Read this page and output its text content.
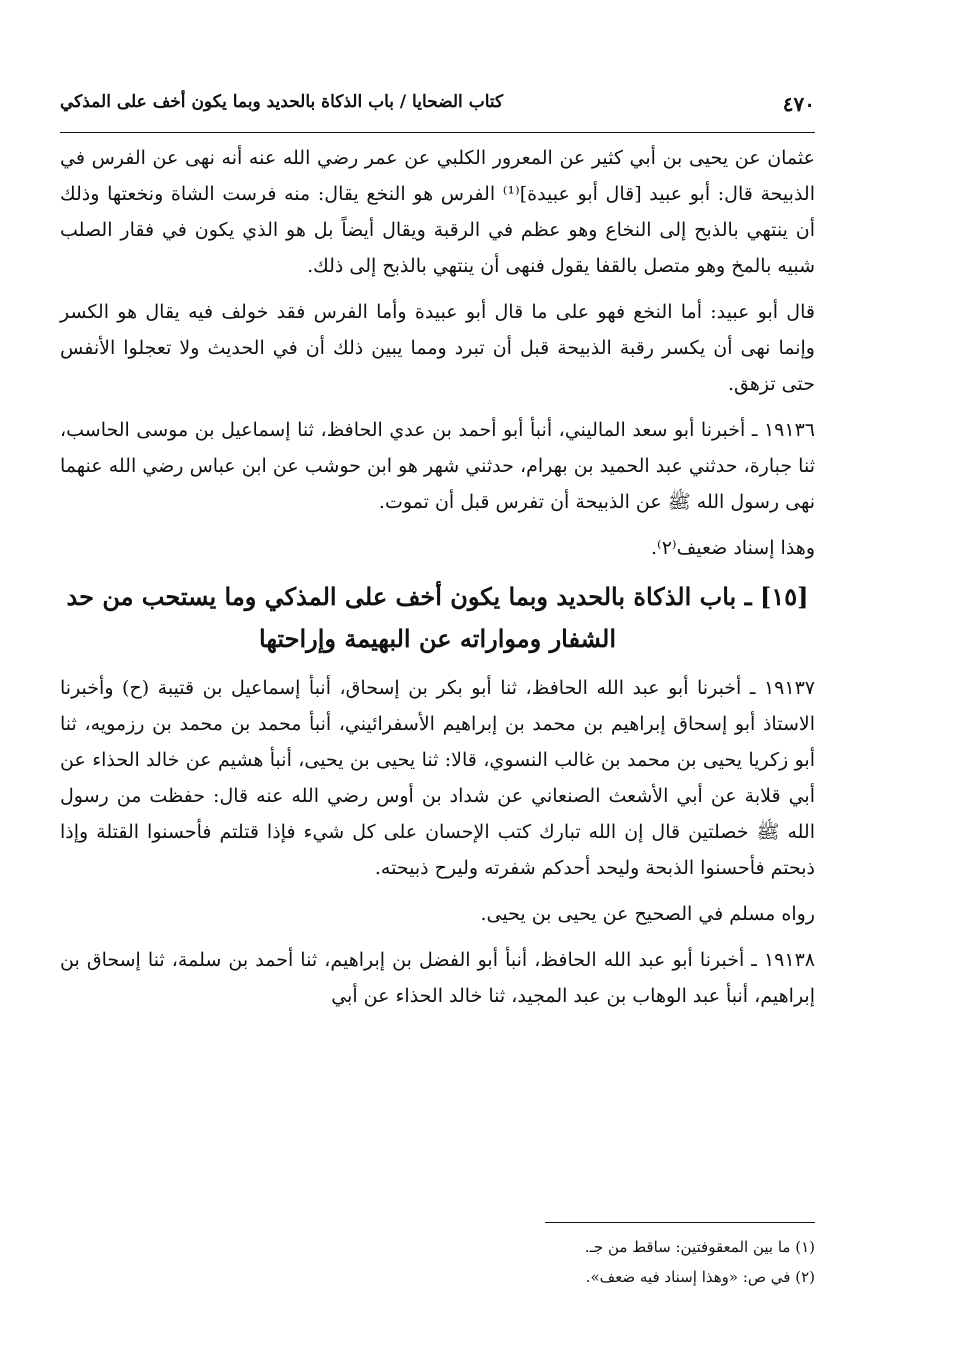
٤٧٠
كتاب الضحايا / باب الذكاة بالحديد وبما يكون أخف على المذكي

عثمان عن يحيى بن أبي كثير عن المعرور الكلبي عن عمر رضي الله عنه أنه نهى عن الفرس في الذبيحة قال: أبو عبيد [قال أبو عبيدة]⁽¹⁾ الفرس هو النخع يقال: منه فرست الشاة ونخعتها وذلك أن ينتهي بالذبح إلى النخاع وهو عظم في الرقبة ويقال أيضاً بل هو الذي يكون في فقار الصلب شبيه بالمخ وهو متصل بالقفا يقول فنهى أن ينتهي بالذبح إلى ذلك.

قال أبو عبيد: أما النخع فهو على ما قال أبو عبيدة وأما الفرس فقد خولف فيه يقال هو الكسر وإنما نهى أن يكسر رقبة الذبيحة قبل أن تبرد ومما يبين ذلك أن في الحديث ولا تعجلوا الأنفس حتى تزهق.

١٩١٣٦ ـ أخبرنا أبو سعد الماليني، أنبأ أبو أحمد بن عدي الحافظ، ثنا إسماعيل بن موسى الحاسب، ثنا جبارة، حدثني عبد الحميد بن بهرام، حدثني شهر هو ابن حوشب عن ابن عباس رضي الله عنهما نهى رسول الله ﷺ عن الذبيحة أن تفرس قبل أن تموت.

وهذا إسناد ضعيف⁽٢⁾.

[١٥] ـ باب الذكاة بالحديد وبما يكون أخف على المذكي وما يستحب من حد الشفار ومواراته عن البهيمة وإراحتها

١٩١٣٧ ـ أخبرنا أبو عبد الله الحافظ، ثنا أبو بكر بن إسحاق، أنبأ إسماعيل بن قتيبة (ح) وأخبرنا الاستاذ أبو إسحاق إبراهيم بن محمد بن إبراهيم الأسفرائيني، أنبأ محمد بن محمد بن رزمويه، ثنا أبو زكريا يحيى بن محمد بن غالب النسوي، قالا: ثنا يحيى بن يحيى، أنبأ هشيم عن خالد الحذاء عن أبي قلابة عن أبي الأشعث الصنعاني عن شداد بن أوس رضي الله عنه قال: حفظت من رسول الله ﷺ خصلتين قال إن الله تبارك كتب الإحسان على كل شيء فإذا قتلتم فأحسنوا القتلة وإذا ذبحتم فأحسنوا الذبحة وليحد أحدكم شفرته وليرح ذبيحته.

رواه مسلم في الصحيح عن يحيى بن يحيى.

١٩١٣٨ ـ أخبرنا أبو عبد الله الحافظ، أنبأ أبو الفضل بن إبراهيم، ثنا أحمد بن سلمة، ثنا إسحاق بن إبراهيم، أنبأ عبد الوهاب بن عبد المجيد، ثنا خالد الحذاء عن أبي

(١) ما بين المعقوفتين: ساقط من جـ.
(٢) في ص: «وهذا إسناد فيه ضعف».
